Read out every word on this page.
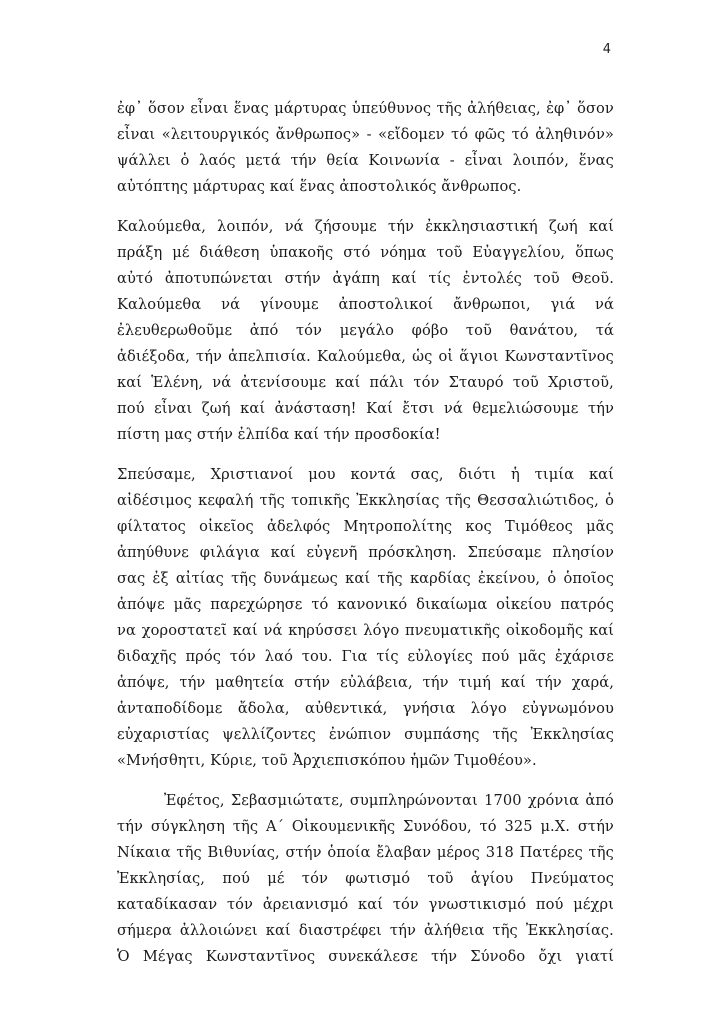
4
ἐφ᾽ ὅσον εἶναι ἕνας μάρτυρας ὑπεύθυνος τῆς ἀλήθειας, ἐφ᾽ ὅσον
εἶναι «λειτουργικός ἄνθρωπος» - «εἴδομεν τό φῶς τό ἀληθινόν»
ψάλλει ὁ λαός μετά τήν θεία Κοινωνία - εἶναι λοιπόν, ἕνας
αὐτόπτης μάρτυρας καί ἕνας ἀποστολικός ἄνθρωπος.
Καλούμεθα, λοιπόν, νά ζήσουμε τήν ἐκκλησιαστική ζωή καί
πράξη μέ διάθεση ὑπακοῆς στό νόημα τοῦ Εὐαγγελίου, ὅπως
αὐτό ἀποτυπώνεται στήν ἀγάπη καί τίς ἐντολές τοῦ Θεοῦ.
Καλούμεθα νά γίνουμε ἀποστολικοί ἄνθρωποι, γιά νά
ἐλευθερωθοῦμε ἀπό τόν μεγάλο φόβο τοῦ θανάτου, τά
ἀδιέξοδα, τήν ἀπελπισία. Καλούμεθα, ὡς οἱ ἅγιοι Κωνσταντῖνος
καί Ἑλένη, νά ἀτενίσουμε καί πάλι τόν Σταυρό τοῦ Χριστοῦ,
πού εἶναι ζωή καί ἀνάσταση! Καί ἔτσι νά θεμελιώσουμε τήν
πίστη μας στήν ἐλπίδα καί τήν προσδοκία!
Σπεύσαμε, Χριστιανοί μου κοντά σας, διότι ἡ τιμία καί
αἰδέσιμος κεφαλή τῆς τοπικῆς Ἐκκλησίας τῆς Θεσσαλιώτιδος, ὁ
φίλτατος οἰκεῖος ἀδελφός Μητροπολίτης κος Τιμόθεος μᾶς
ἀπηύθυνε φιλάγια καί εὐγενῆ πρόσκληση. Σπεύσαμε πλησίον
σας ἐξ αἰτίας τῆς δυνάμεως καί τῆς καρδίας ἐκείνου, ὁ ὁποῖος
ἀπόψε μᾶς παρεχώρησε τό κανονικό δικαίωμα οἰκείου πατρός
να χοροστατεῖ καί νά κηρύσσει λόγο πνευματικῆς οἰκοδομῆς καί
διδαχῆς πρός τόν λαό του. Για τίς εὐλογίες πού μᾶς ἐχάρισε
ἀπόψε, τήν μαθητεία στήν εὐλάβεια, τήν τιμή καί τήν χαρά,
ἀνταποδίδομε ἄδολα, αὐθεντικά, γνήσια λόγο εὐγνωμόνου
εὐχαριστίας ψελλίζοντες ἐνώπιον συμπάσης τῆς Ἐκκλησίας
«Μνήσθητι, Κύριε, τοῦ Ἀρχιεπισκόπου ἡμῶν Τιμοθέου».
Ἐφέτος, Σεβασμιώτατε, συμπληρώνονται 1700 χρόνια ἀπό
τήν σύγκληση τῆς Α΄ Οἰκουμενικῆς Συνόδου, τό 325 μ.Χ. στήν
Νίκαια τῆς Βιθυνίας, στήν ὁποία ἔλαβαν μέρος 318 Πατέρες τῆς
Ἐκκλησίας, πού μέ τόν φωτισμό τοῦ ἁγίου Πνεύματος
καταδίκασαν τόν ἀρειανισμό καί τόν γνωστικισμό πού μέχρι
σήμερα ἀλλοιώνει καί διαστρέφει τήν ἀλήθεια τῆς Ἐκκλησίας.
Ὁ Μέγας Κωνσταντῖνος συνεκάλεσε τήν Σύνοδο ὄχι γιατί
